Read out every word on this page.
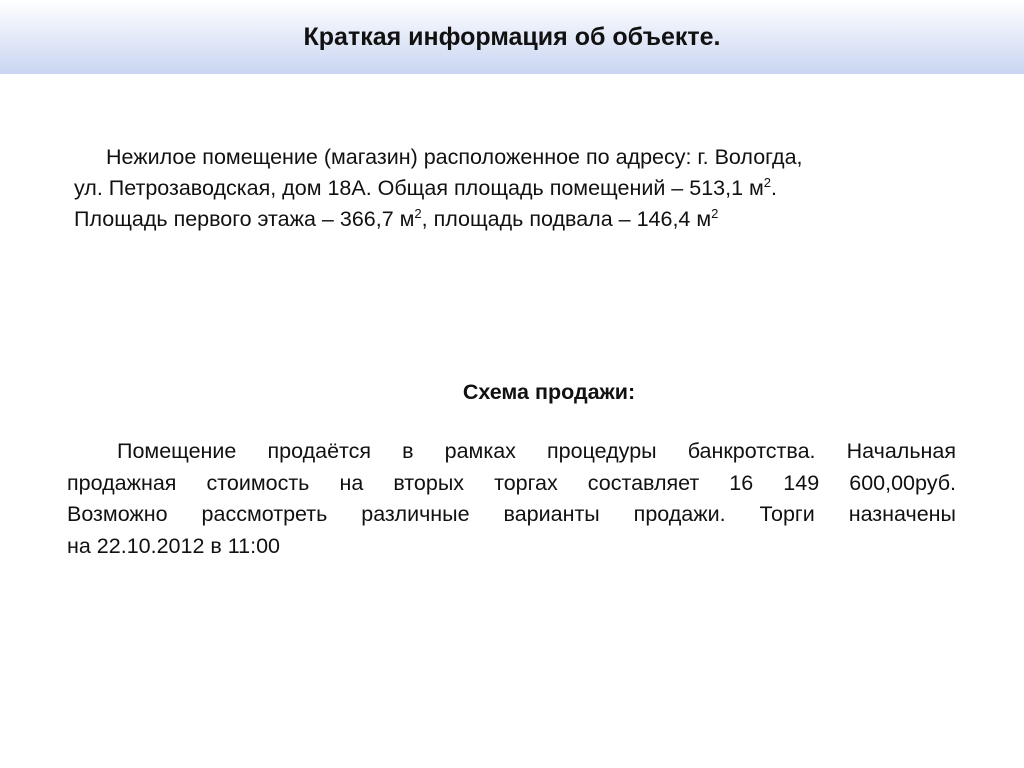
Краткая информация об объекте.
Нежилое помещение (магазин) расположенное по адресу: г. Вологда,
ул. Петрозаводская, дом 18А. Общая площадь помещений – 513,1 $м^2$.
Площадь первого этажа – 366,7 $м^2$, площадь подвала – 146,4 $м^2$
Схема продажи:
Помещение продаётся в рамках процедуры банкротства. Начальная
продажная стоимость на вторых торгах составляет 16 149 600,00руб.
Возможно рассмотреть различные варианты продажи. Торги назначены
на 22.10.2012 в 11:00
